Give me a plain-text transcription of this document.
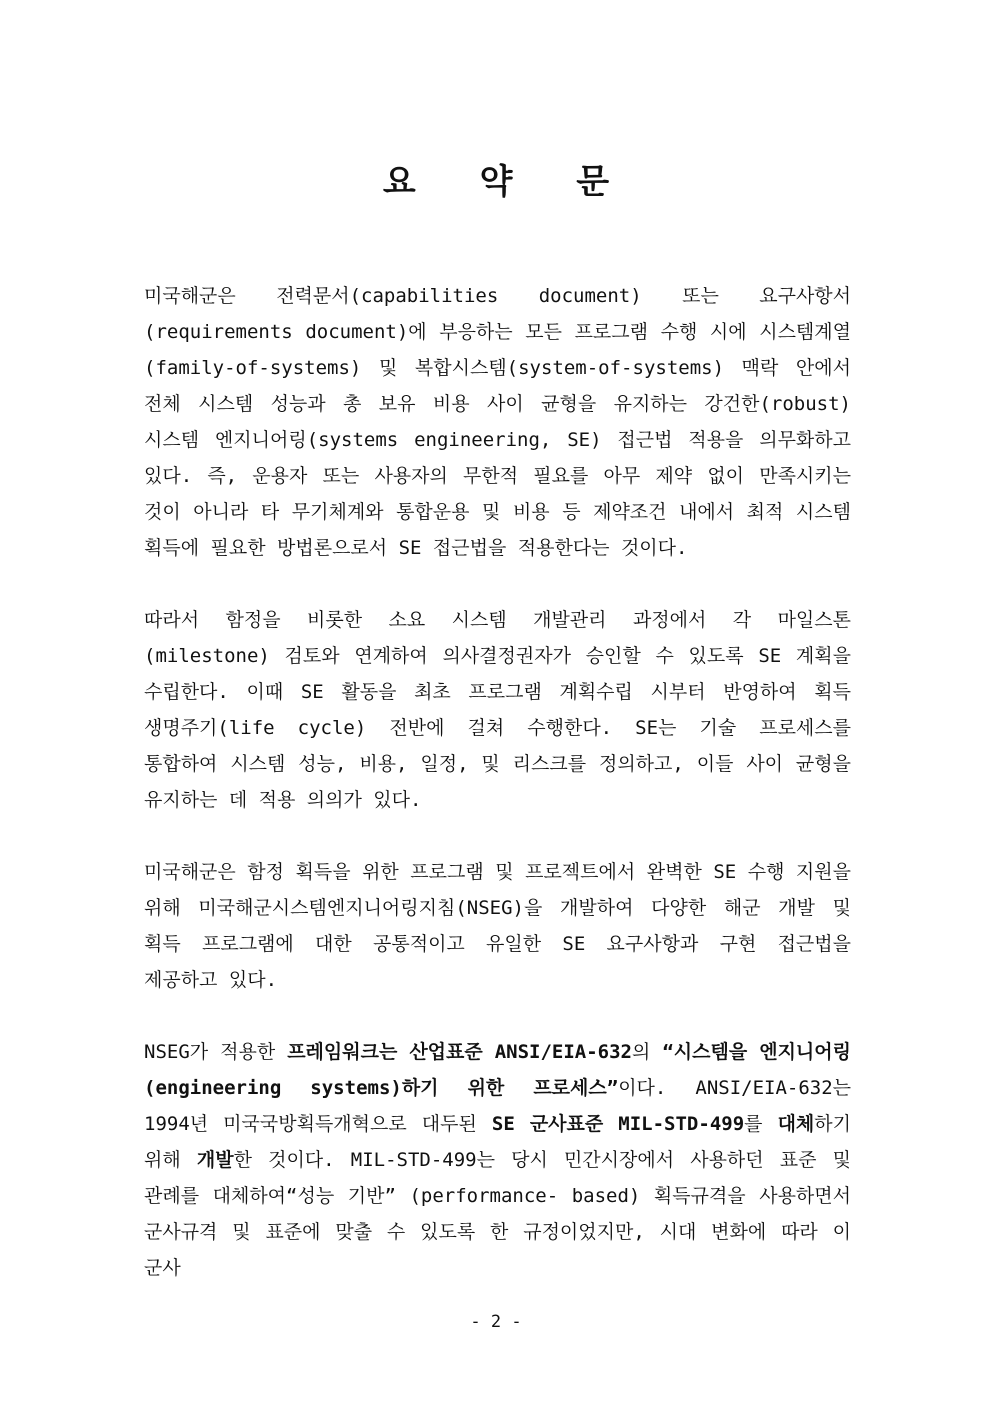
요 약 문

미국해군은 전력문서(capabilities document) 또는 요구사항서(requirements document)에 부응하는 모든 프로그램 수행 시에 시스템계열(family-of-systems) 및 복합시스템(system-of-systems) 맥락 안에서 전체 시스템 성능과 총 보유 비용 사이 균형을 유지하는 강건한(robust) 시스템 엔지니어링(systems engineering, SE) 접근법 적용을 의무화하고 있다. 즉, 운용자 또는 사용자의 무한적 필요를 아무 제약 없이 만족시키는 것이 아니라 타 무기체계와 통합운용 및 비용 등 제약조건 내에서 최적 시스템 획득에 필요한 방법론으로서 SE 접근법을 적용한다는 것이다.

따라서 함정을 비롯한 소요 시스템 개발관리 과정에서 각 마일스톤(milestone) 검토와 연계하여 의사결정권자가 승인할 수 있도록 SE 계획을 수립한다. 이때 SE 활동을 최초 프로그램 계획수립 시부터 반영하여 획득 생명주기(life cycle) 전반에 걸쳐 수행한다. SE는 기술 프로세스를 통합하여 시스템 성능, 비용, 일정, 및 리스크를 정의하고, 이들 사이 균형을 유지하는 데 적용 의의가 있다.

미국해군은 함정 획득을 위한 프로그램 및 프로젝트에서 완벽한 SE 수행 지원을 위해 미국해군시스템엔지니어링지침(NSEG)을 개발하여 다양한 해군 개발 및 획득 프로그램에 대한 공통적이고 유일한 SE 요구사항과 구현 접근법을 제공하고 있다.

NSEG가 적용한 프레임워크는 산업표준 ANSI/EIA-632의 “시스템을 엔지니어링(engineering systems)하기 위한 프로세스”이다. ANSI/EIA-632는 1994년 미국국방획득개혁으로 대두된 SE 군사표준 MIL-STD-499를 대체하기 위해 개발한 것이다. MIL-STD-499는 당시 민간시장에서 사용하던 표준 및 관례를 대체하여“성능 기반” (performance- based) 획득규격을 사용하면서 군사규격 및 표준에 맞출 수 있도록 한 규정이었지만, 시대 변화에 따라 이 군사

- 2 -
